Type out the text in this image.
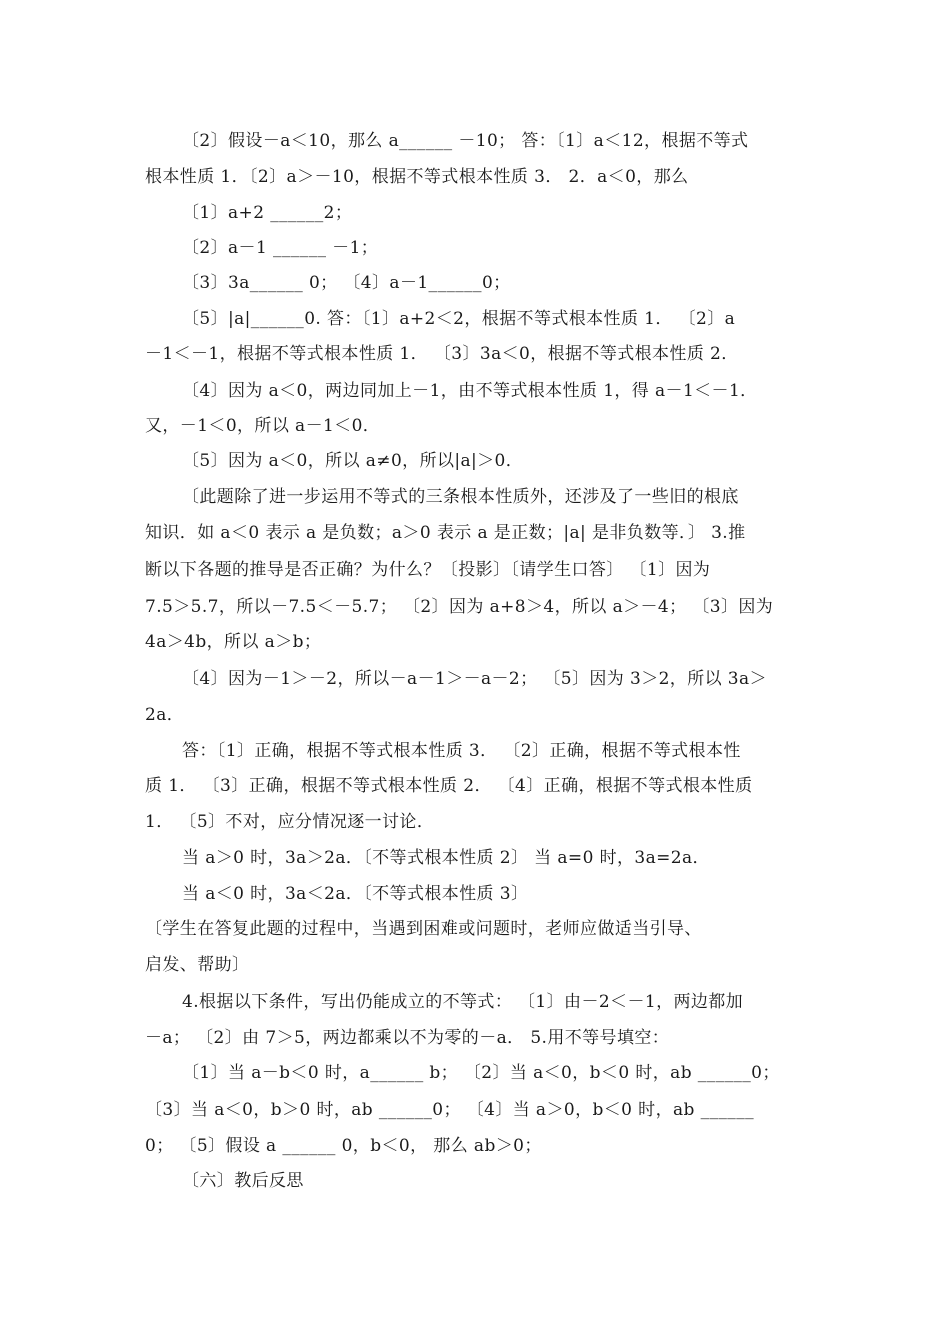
〔2〕假设－a＜10，那么 a______ －10； 答：〔1〕a＜12，根据不等式
根本性质 1．〔2〕a＞－10，根据不等式根本性质 3． 2．a＜0，那么
〔1〕a+2 ______2；
〔2〕a－1 ______ －1；
〔3〕3a______ 0； 〔4〕a－1______0；
〔5〕|a|______0. 答：〔1〕a+2＜2，根据不等式根本性质 1． 〔2〕a
－1＜－1，根据不等式根本性质 1． 〔3〕3a＜0，根据不等式根本性质 2．
〔4〕因为 a＜0，两边同加上－1，由不等式根本性质 1，得 a－1＜－1．
又，－1＜0，所以 a－1＜0．
〔5〕因为 a＜0，所以 a≠0，所以|a|＞0．
〔此题除了进一步运用不等式的三条根本性质外，还涉及了一些旧的根底
知识．如 a＜0 表示 a 是负数；a＞0 表示 a 是正数；|a| 是非负数等．〕 3.推
断以下各题的推导是否正确？为什么？〔投影〕〔请学生口答〕 〔1〕因为
7.5＞5.7，所以－7.5＜－5.7； 〔2〕因为 a+8＞4，所以 a＞－4； 〔3〕因为
4a＞4b，所以 a＞b；
〔4〕因为－1＞－2，所以－a－1＞－a－2； 〔5〕因为 3＞2，所以 3a＞
2a．
答：〔1〕正确，根据不等式根本性质 3． 〔2〕正确，根据不等式根本性
质 1． 〔3〕正确，根据不等式根本性质 2． 〔4〕正确，根据不等式根本性质
1． 〔5〕不对，应分情况逐一讨论．
当 a＞0 时，3a＞2a．〔不等式根本性质 2〕 当 a=0 时，3a=2a．
当 a＜0 时，3a＜2a．〔不等式根本性质 3〕
〔学生在答复此题的过程中，当遇到困难或问题时，老师应做适当引导、
启发、帮助〕
4.根据以下条件，写出仍能成立的不等式： 〔1〕由－2＜－1，两边都加
－a； 〔2〕由 7＞5，两边都乘以不为零的－a． 5.用不等号填空：
〔1〕当 a－b＜0 时，a______ b； 〔2〕当 a＜0，b＜0 时，ab ______0；
〔3〕当 a＜0，b＞0 时，ab ______0； 〔4〕当 a＞0，b＜0 时，ab ______
0； 〔5〕假设 a ______ 0，b＜0， 那么 ab＞0；
〔六〕教后反思
